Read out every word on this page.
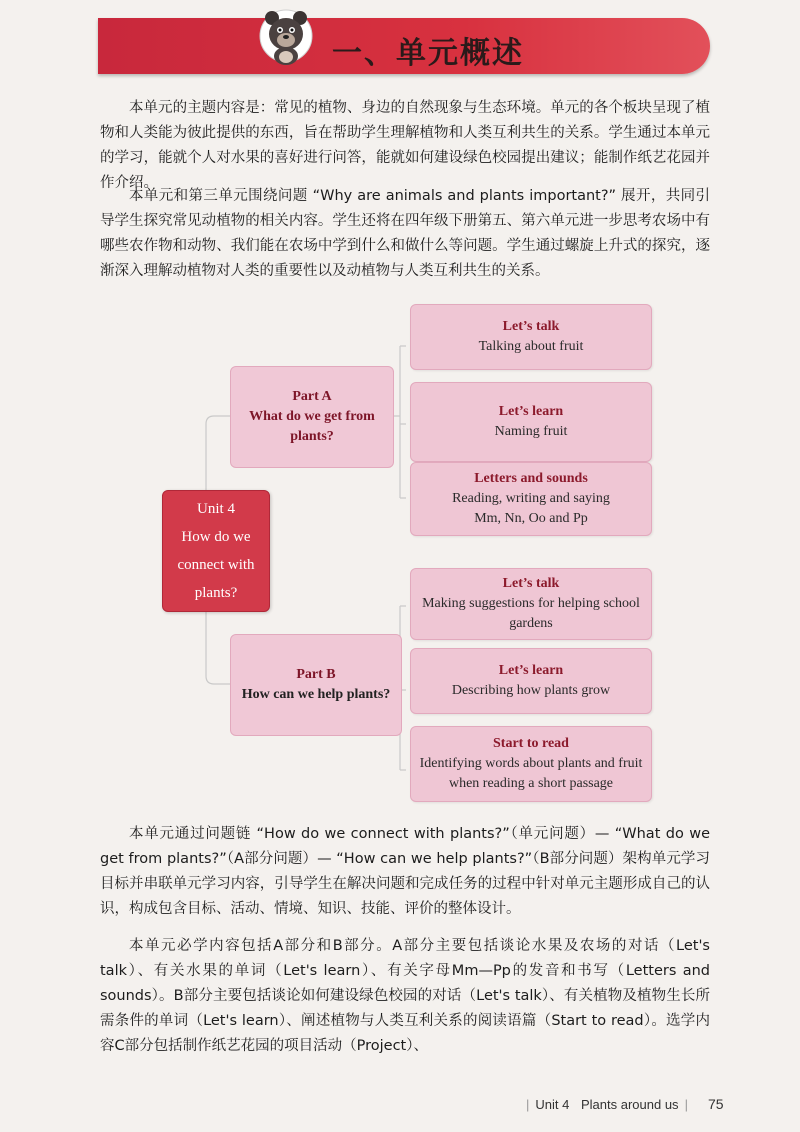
一、单元概述
本单元的主题内容是：常见的植物、身边的自然现象与生态环境。单元的各个板块呈现了植物和人类能为彼此提供的东西，旨在帮助学生理解植物和人类互利共生的关系。学生通过本单元的学习，能就个人对水果的喜好进行问答，能就如何建设绿色校园提出建议；能制作纸艺花园并作介绍。
本单元和第三单元围绕问题 “Why are animals and plants important?” 展开，共同引导学生探究常见动植物的相关内容。学生还将在四年级下册第五、第六单元进一步思考农场中有哪些农作物和动物、我们能在农场中学到什么和做什么等问题。学生通过螺旋上升式的探究，逐渐深入理解动植物对人类的重要性以及动植物与人类互利共生的关系。
Unit 4
How do we
connect with
plants?
Part A
What do we get from
plants?
Part B
How can we help plants?
Let’s talk
Talking about fruit
Let’s learn
Naming fruit
Letters and sounds
Reading, writing and saying
Mm, Nn, Oo and Pp
Let’s talk
Making suggestions for helping school
gardens
Let’s learn
Describing how plants grow
Start to read
Identifying words about plants and fruit
when reading a short passage
本单元通过问题链 “How do we connect with plants?”（单元问题）— “What do we get from plants?”（A部分问题）— “How can we help plants?”（B部分问题）架构单元学习目标并串联单元学习内容，引导学生在解决问题和完成任务的过程中针对单元主题形成自己的认识，构成包含目标、活动、情境、知识、技能、评价的整体设计。
本单元必学内容包括A部分和B部分。A部分主要包括谈论水果及农场的对话（Let's talk）、有关水果的单词（Let's learn）、有关字母Mm—Pp的发音和书写（Letters and sounds）。B部分主要包括谈论如何建设绿色校园的对话（Let's talk）、有关植物及植物生长所需条件的单词（Let's learn）、阐述植物与人类互利关系的阅读语篇（Start to read）。选学内容C部分包括制作纸艺花园的项目活动（Project）、
| Unit 4 Plants around us | 75
